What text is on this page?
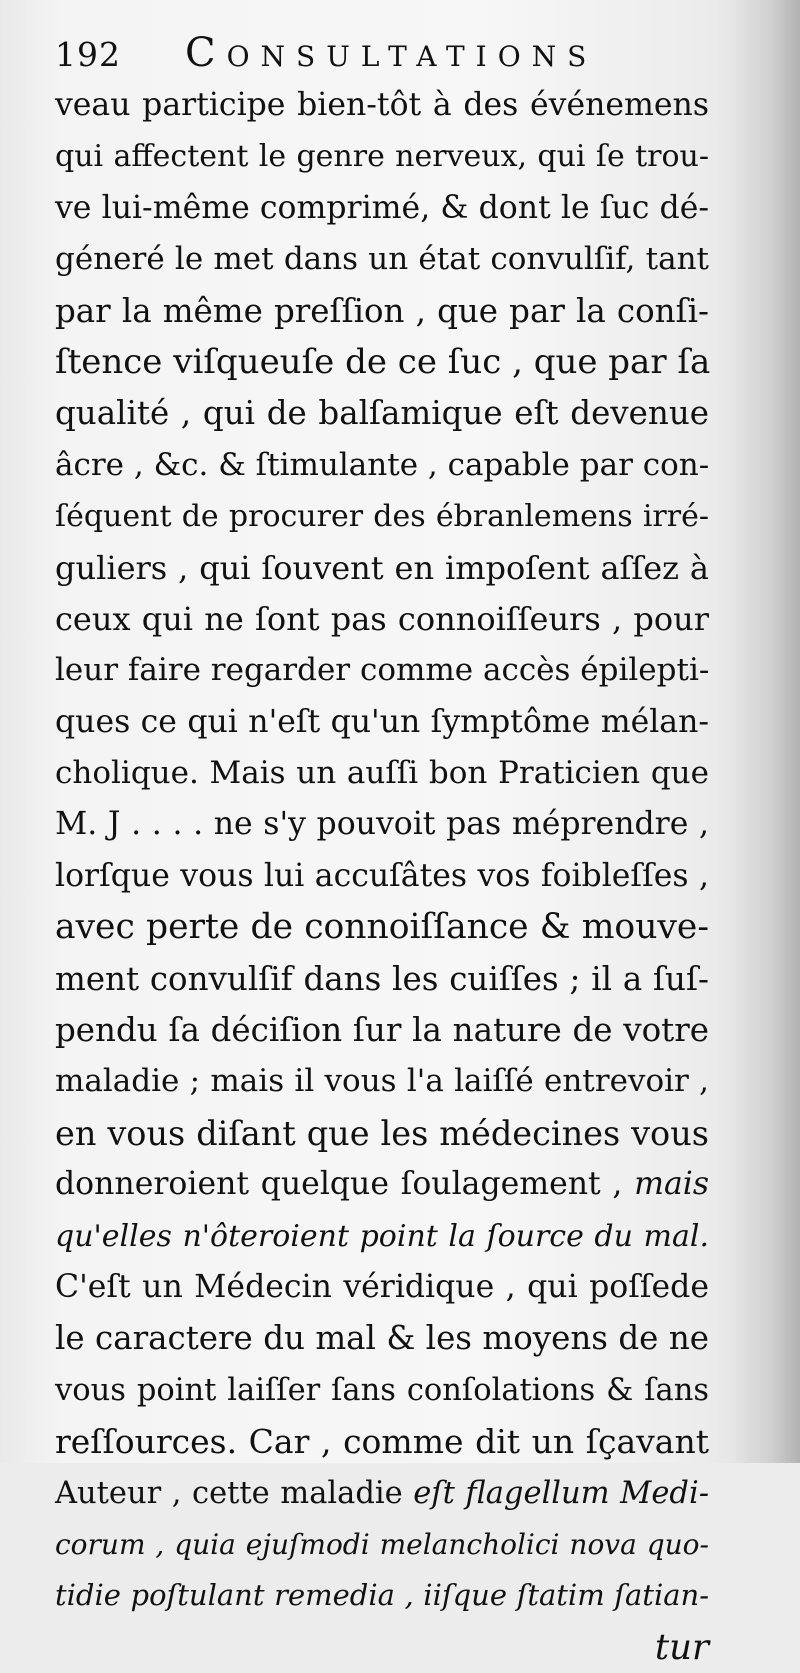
192 Consultations
veau participe bien-tôt à des événemens
qui affectent le genre nerveux, qui ſe trou-
ve lui-même comprimé, & dont le ſuc dé-
géneré le met dans un état convulſif, tant
par la même preſſion , que par la conſi-
ſtence viſqueuſe de ce ſuc , que par ſa
qualité , qui de balſamique eſt devenue
âcre , &c. & ſtimulante , capable par con-
ſéquent de procurer des ébranlemens irré-
guliers , qui ſouvent en impoſent aſſez à
ceux qui ne ſont pas connoiſſeurs , pour
leur faire regarder comme accès épilepti-
ques ce qui n'eſt qu'un ſymptôme mélan-
cholique. Mais un auſſi bon Praticien que
M. J . . . . ne s'y pouvoit pas méprendre ,
lorſque vous lui accuſâtes vos foibleſſes ,
avec perte de connoiſſance & mouve-
ment convulſif dans les cuiſſes ; il a ſuſ-
pendu ſa déciſion ſur la nature de votre
maladie ; mais il vous l'a laiſſé entrevoir ,
en vous diſant que les médecines vous
donneroient quelque ſoulagement , mais
qu'elles n'ôteroient point la ſource du mal.
C'eſt un Médecin véridique , qui poſſede
le caractere du mal & les moyens de ne
vous point laiſſer ſans conſolations & ſans
reſſources. Car , comme dit un ſçavant
Auteur , cette maladie eſt flagellum Medi-
corum , quia ejuſmodi melancholici nova quo-
tidie poſtulant remedia , iiſque ſtatim ſatian-
tur
